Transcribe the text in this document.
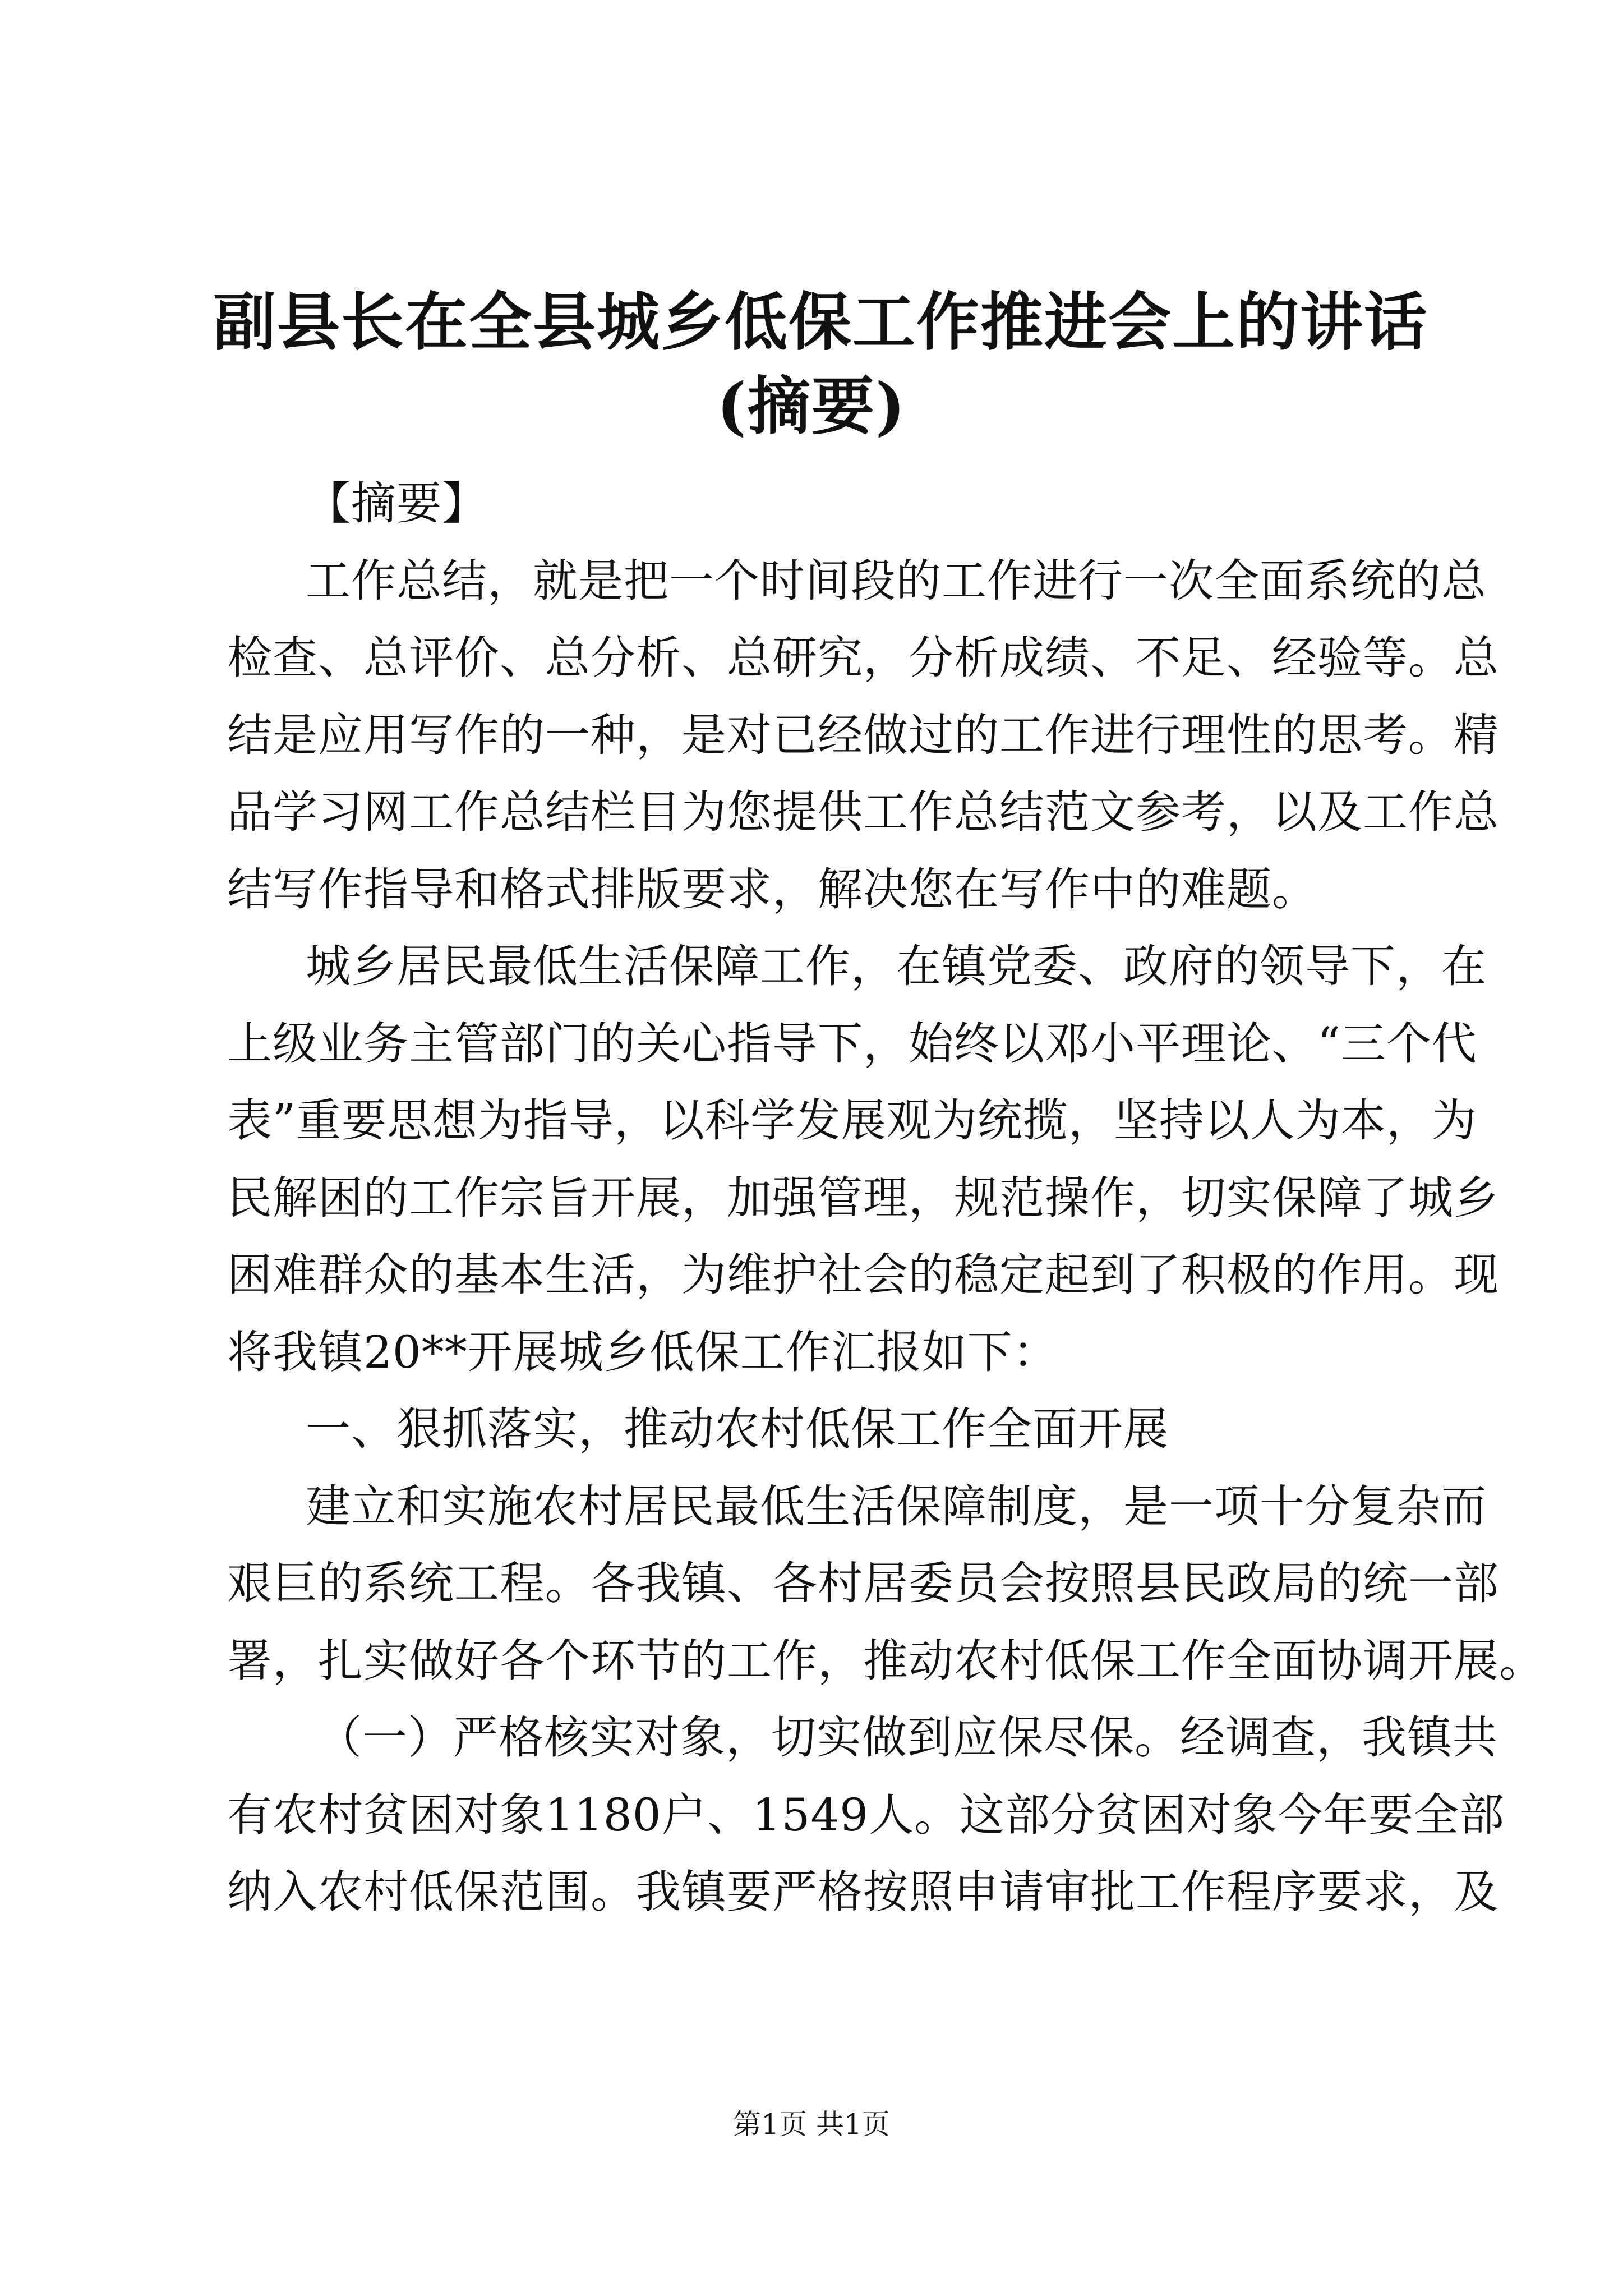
副县长在全县城乡低保工作推进会上的讲话
(摘要)
【摘要】
工作总结，就是把一个时间段的工作进行一次全面系统的总
检查、总评价、总分析、总研究，分析成绩、不足、经验等。总
结是应用写作的一种，是对已经做过的工作进行理性的思考。精
品学习网工作总结栏目为您提供工作总结范文参考，以及工作总
结写作指导和格式排版要求，解决您在写作中的难题。
城乡居民最低生活保障工作，在镇党委、政府的领导下，在
上级业务主管部门的关心指导下，始终以邓小平理论、“三个代
表”重要思想为指导，以科学发展观为统揽，坚持以人为本，为
民解困的工作宗旨开展，加强管理，规范操作，切实保障了城乡
困难群众的基本生活，为维护社会的稳定起到了积极的作用。现
将我镇20**开展城乡低保工作汇报如下：
一、狠抓落实，推动农村低保工作全面开展
建立和实施农村居民最低生活保障制度，是一项十分复杂而
艰巨的系统工程。各我镇、各村居委员会按照县民政局的统一部
署，扎实做好各个环节的工作，推动农村低保工作全面协调开展。
（一）严格核实对象，切实做到应保尽保。经调查，我镇共
有农村贫困对象1180户、1549人。这部分贫困对象今年要全部
纳入农村低保范围。我镇要严格按照申请审批工作程序要求，及
第1页 共1页
